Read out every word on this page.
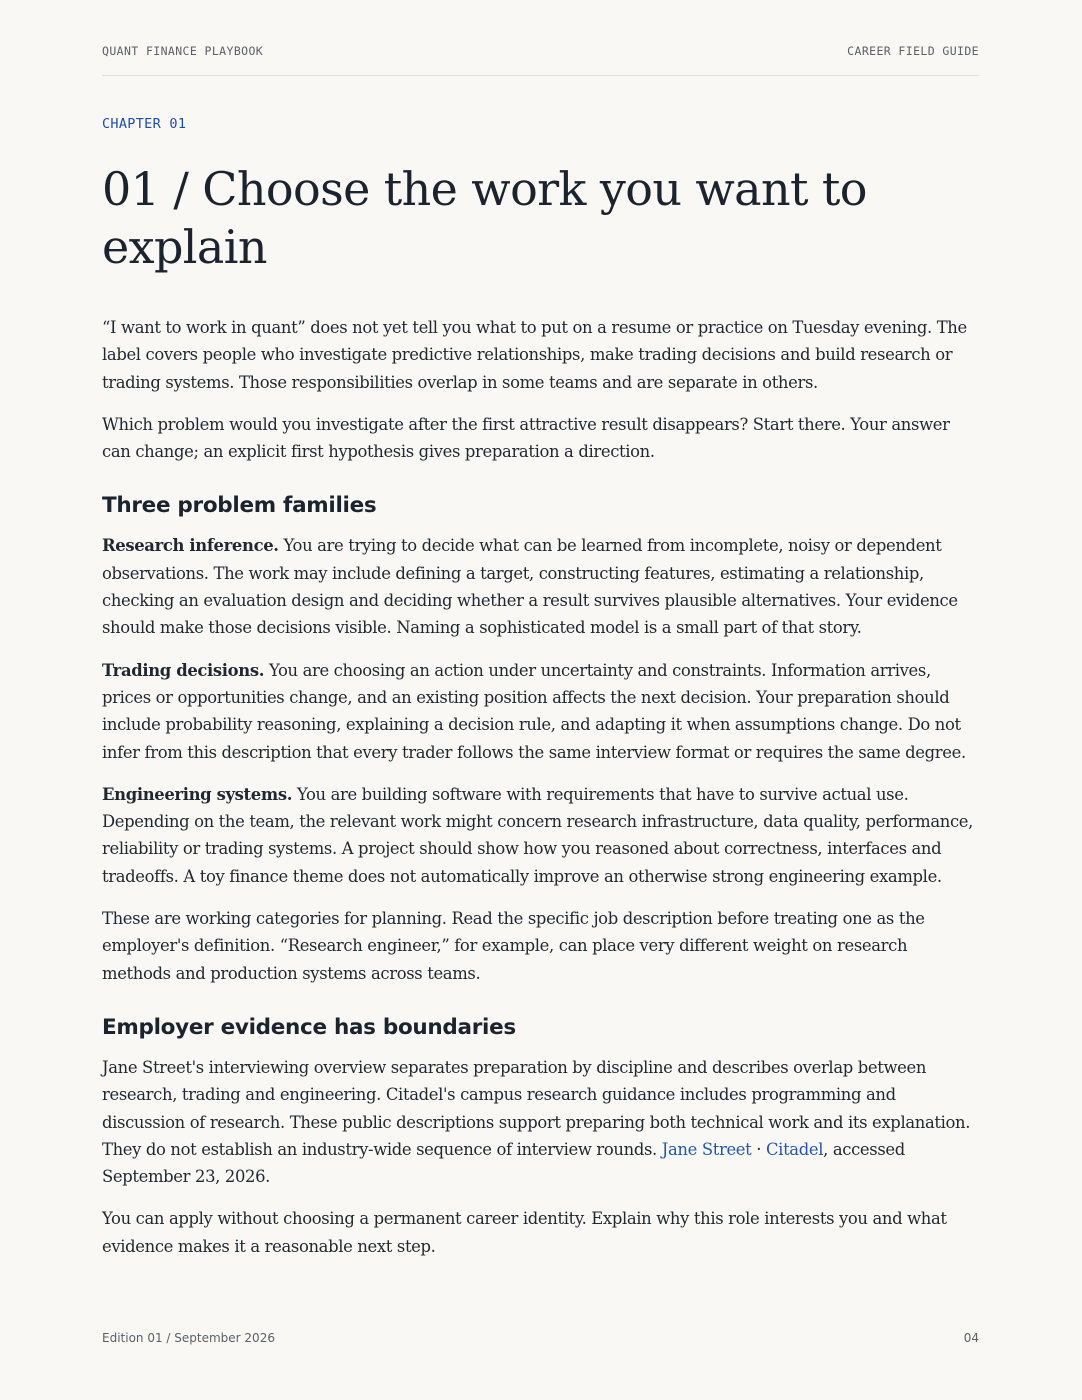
QUANT FINANCE PLAYBOOK	CAREER FIELD GUIDE
CHAPTER 01
01 / Choose the work you want to explain

“I want to work in quant” does not yet tell you what to put on a resume or practice on Tuesday evening. The label covers people who investigate predictive relationships, make trading decisions and build research or trading systems. Those responsibilities overlap in some teams and are separate in others.

Which problem would you investigate after the first attractive result disappears? Start there. Your answer can change; an explicit first hypothesis gives preparation a direction.

Three problem families

Research inference. You are trying to decide what can be learned from incomplete, noisy or dependent observations. The work may include defining a target, constructing features, estimating a relationship, checking an evaluation design and deciding whether a result survives plausible alternatives. Your evidence should make those decisions visible. Naming a sophisticated model is a small part of that story.

Trading decisions. You are choosing an action under uncertainty and constraints. Information arrives, prices or opportunities change, and an existing position affects the next decision. Your preparation should include probability reasoning, explaining a decision rule, and adapting it when assumptions change. Do not infer from this description that every trader follows the same interview format or requires the same degree.

Engineering systems. You are building software with requirements that have to survive actual use. Depending on the team, the relevant work might concern research infrastructure, data quality, performance, reliability or trading systems. A project should show how you reasoned about correctness, interfaces and tradeoffs. A toy finance theme does not automatically improve an otherwise strong engineering example.

These are working categories for planning. Read the specific job description before treating one as the employer's definition. “Research engineer,” for example, can place very different weight on research methods and production systems across teams.

Employer evidence has boundaries

Jane Street's interviewing overview separates preparation by discipline and describes overlap between research, trading and engineering. Citadel's campus research guidance includes programming and discussion of research. These public descriptions support preparing both technical work and its explanation. They do not establish an industry-wide sequence of interview rounds. Jane Street · Citadel, accessed September 23, 2026.

You can apply without choosing a permanent career identity. Explain why this role interests you and what evidence makes it a reasonable next step.

Edition 01 / September 2026	04
